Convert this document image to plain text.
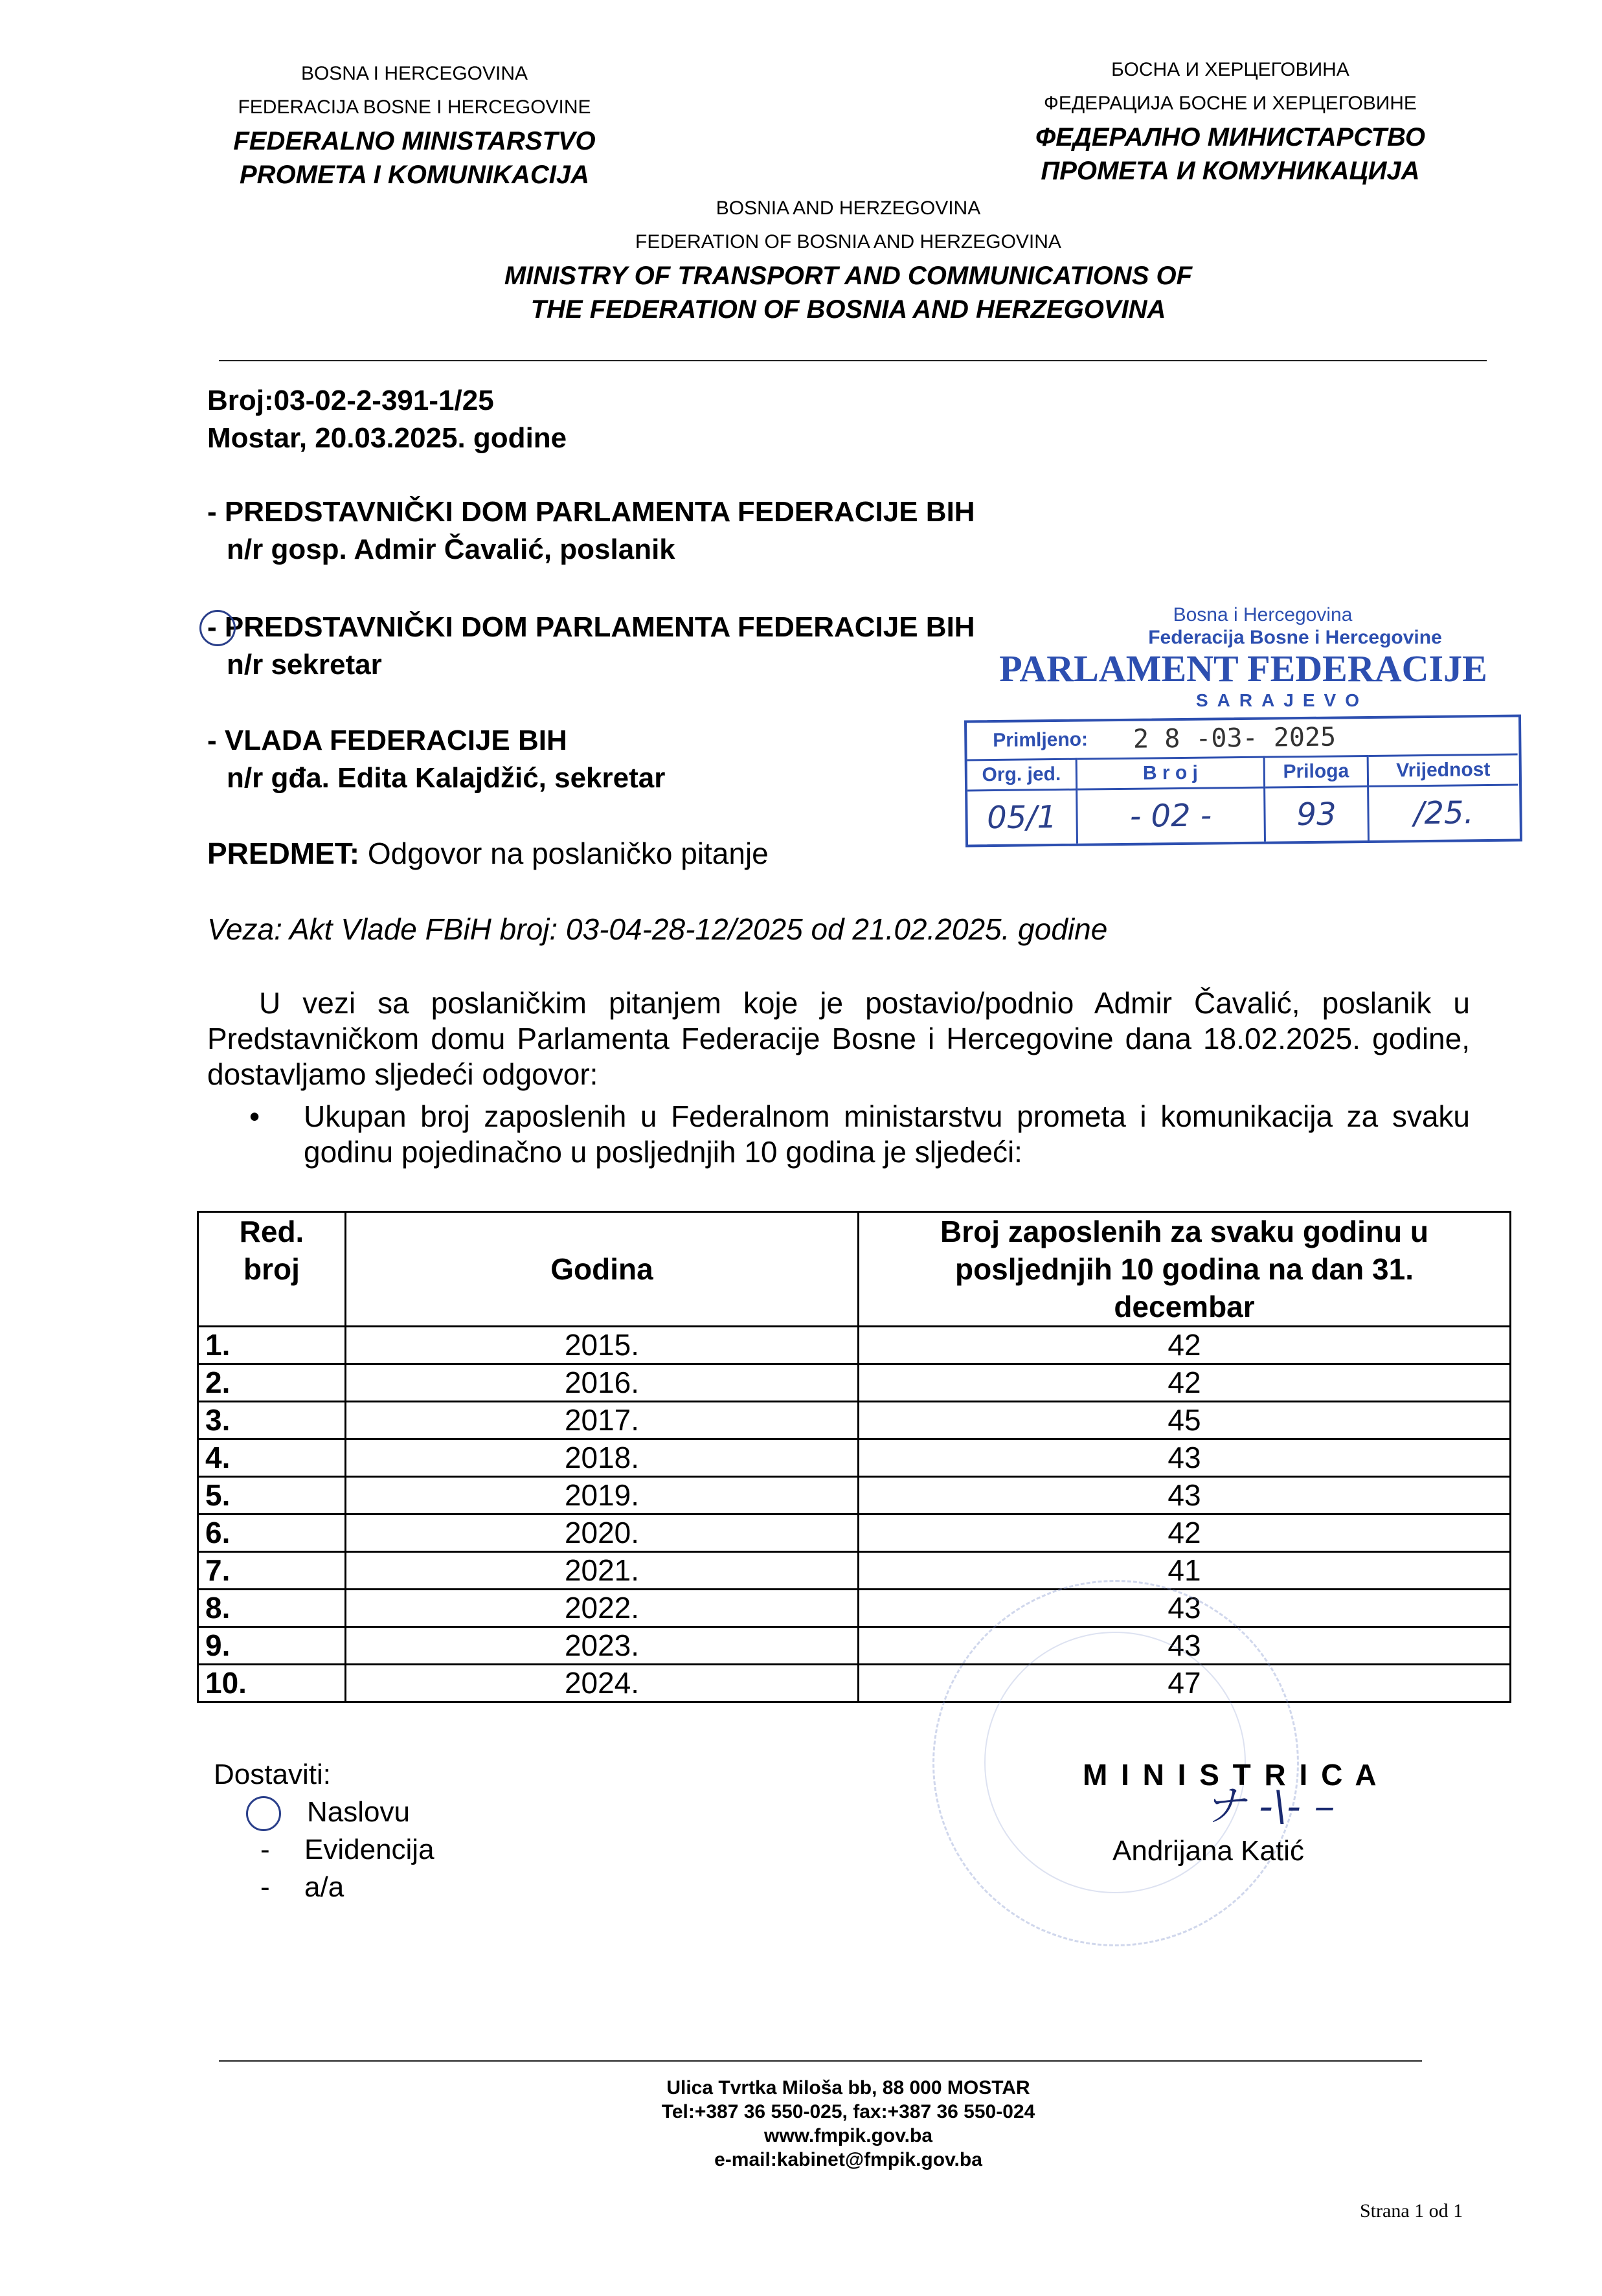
BOSNA I HERCEGOVINA
FEDERACIJA BOSNE I HERCEGOVINE
FEDERALNO MINISTARSTVO
PROMETA I KOMUNIKACIJA
БОСНА И ХЕРЦЕГОВИНА
ФЕДЕРАЦИЈА БОСНЕ И ХЕРЦЕГОВИНЕ
ФЕДЕРАЛНО МИНИСТАРСТВО
ПРОМЕТА И КОМУНИКАЦИЈА
BOSNIA AND HERZEGOVINA
FEDERATION OF BOSNIA AND HERZEGOVINA
MINISTRY OF TRANSPORT AND COMMUNICATIONS OF
THE FEDERATION OF BOSNIA AND HERZEGOVINA
Broj:03-02-2-391-1/25
Mostar, 20.03.2025. godine
- PREDSTAVNIČKI DOM PARLAMENTA FEDERACIJE BIH
n/r gosp. Admir Čavalić, poslanik
- PREDSTAVNIČKI DOM PARLAMENTA FEDERACIJE BIH
n/r sekretar
- VLADA FEDERACIJE BIH
n/r gđa. Edita Kalajdžić, sekretar
PREDMET: Odgovor na poslaničko pitanje
Bosna i Hercegovina
Federacija Bosne i Hercegovine
PARLAMENT FEDERACIJE
SARAJEVO
Primljeno:	2 8 -03- 2025
Org. jed.	B r o j	Priloga	Vrijednost
05/1	- 02 -	93	/25.
Veza: Akt Vlade FBiH broj: 03-04-28-12/2025 od 21.02.2025. godine
U vezi sa poslaničkim pitanjem koje je postavio/podnio Admir Čavalić, poslanik u Predstavničkom domu Parlamenta Federacije Bosne i Hercegovine dana 18.02.2025. godine, dostavljamo sljedeći odgovor:
•	Ukupan broj zaposlenih u Federalnom ministarstvu prometa i komunikacija za svaku godinu pojedinačno u posljednjih 10 godina je sljedeći:
Red. broj	Godina	Broj zaposlenih za svaku godinu u posljednjih 10 godina na dan 31. decembar
1.	2015.	42
2.	2016.	42
3.	2017.	45
4.	2018.	43
5.	2019.	43
6.	2020.	42
7.	2021.	41
8.	2022.	43
9.	2023.	43
10.	2024.	47
Dostaviti:
Naslovu
-	Evidencija
-	a/a
M I N I S T R I C A
ナ -\- –
Andrijana Katić
Ulica Tvrtka Miloša bb, 88 000 MOSTAR
Tel:+387 36 550-025, fax:+387 36 550-024
www.fmpik.gov.ba
e-mail:kabinet@fmpik.gov.ba
Strana 1 od 1
